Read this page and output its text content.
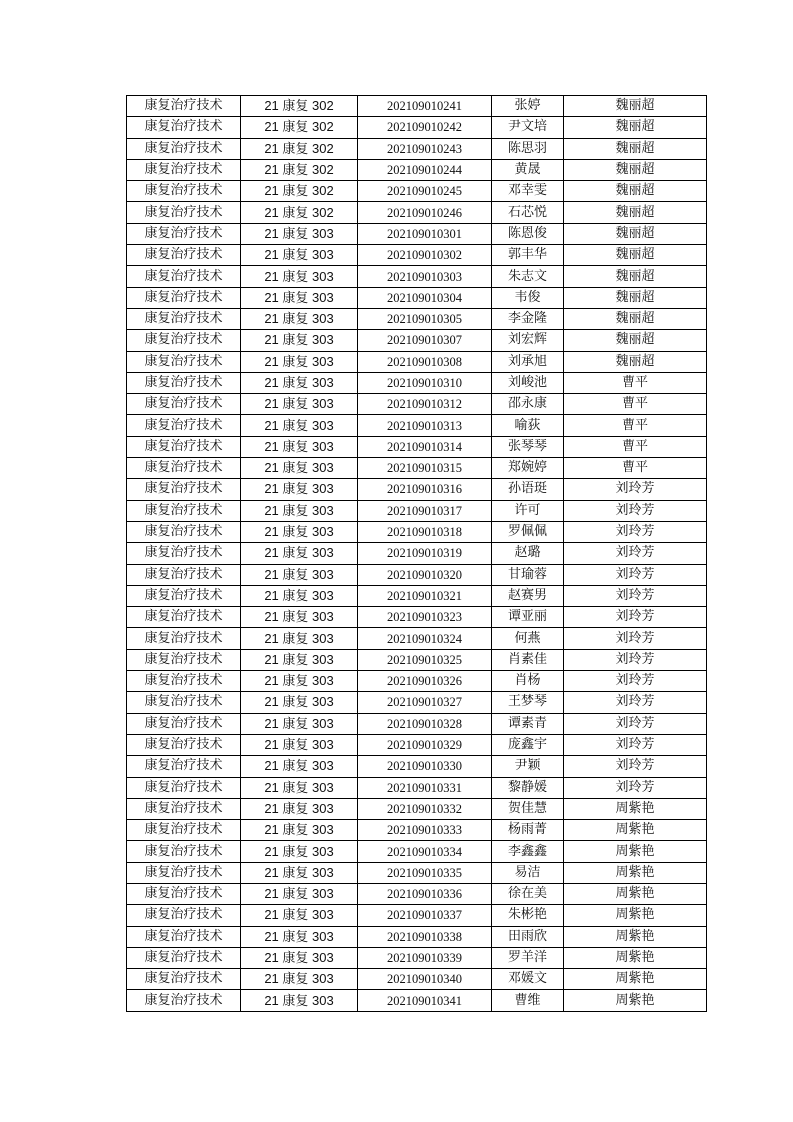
康复治疗技术	21 康复 302	202109010241	张婷	魏丽超
康复治疗技术	21 康复 302	202109010242	尹文培	魏丽超
康复治疗技术	21 康复 302	202109010243	陈思羽	魏丽超
康复治疗技术	21 康复 302	202109010244	黄晟	魏丽超
康复治疗技术	21 康复 302	202109010245	邓幸雯	魏丽超
康复治疗技术	21 康复 302	202109010246	石芯悦	魏丽超
康复治疗技术	21 康复 303	202109010301	陈恩俊	魏丽超
康复治疗技术	21 康复 303	202109010302	郭丰华	魏丽超
康复治疗技术	21 康复 303	202109010303	朱志文	魏丽超
康复治疗技术	21 康复 303	202109010304	韦俊	魏丽超
康复治疗技术	21 康复 303	202109010305	李金隆	魏丽超
康复治疗技术	21 康复 303	202109010307	刘宏辉	魏丽超
康复治疗技术	21 康复 303	202109010308	刘承旭	魏丽超
康复治疗技术	21 康复 303	202109010310	刘峻池	曹平
康复治疗技术	21 康复 303	202109010312	邵永康	曹平
康复治疗技术	21 康复 303	202109010313	喻荻	曹平
康复治疗技术	21 康复 303	202109010314	张琴琴	曹平
康复治疗技术	21 康复 303	202109010315	郑婉婷	曹平
康复治疗技术	21 康复 303	202109010316	孙语珽	刘玲芳
康复治疗技术	21 康复 303	202109010317	许可	刘玲芳
康复治疗技术	21 康复 303	202109010318	罗佩佩	刘玲芳
康复治疗技术	21 康复 303	202109010319	赵璐	刘玲芳
康复治疗技术	21 康复 303	202109010320	甘瑜蓉	刘玲芳
康复治疗技术	21 康复 303	202109010321	赵赛男	刘玲芳
康复治疗技术	21 康复 303	202109010323	谭亚丽	刘玲芳
康复治疗技术	21 康复 303	202109010324	何燕	刘玲芳
康复治疗技术	21 康复 303	202109010325	肖素佳	刘玲芳
康复治疗技术	21 康复 303	202109010326	肖杨	刘玲芳
康复治疗技术	21 康复 303	202109010327	王梦琴	刘玲芳
康复治疗技术	21 康复 303	202109010328	谭素青	刘玲芳
康复治疗技术	21 康复 303	202109010329	庞鑫宇	刘玲芳
康复治疗技术	21 康复 303	202109010330	尹颖	刘玲芳
康复治疗技术	21 康复 303	202109010331	黎静媛	刘玲芳
康复治疗技术	21 康复 303	202109010332	贺佳慧	周紫艳
康复治疗技术	21 康复 303	202109010333	杨雨菁	周紫艳
康复治疗技术	21 康复 303	202109010334	李鑫鑫	周紫艳
康复治疗技术	21 康复 303	202109010335	易洁	周紫艳
康复治疗技术	21 康复 303	202109010336	徐在美	周紫艳
康复治疗技术	21 康复 303	202109010337	朱彬艳	周紫艳
康复治疗技术	21 康复 303	202109010338	田雨欣	周紫艳
康复治疗技术	21 康复 303	202109010339	罗羊洋	周紫艳
康复治疗技术	21 康复 303	202109010340	邓媛文	周紫艳
康复治疗技术	21 康复 303	202109010341	曹维	周紫艳
